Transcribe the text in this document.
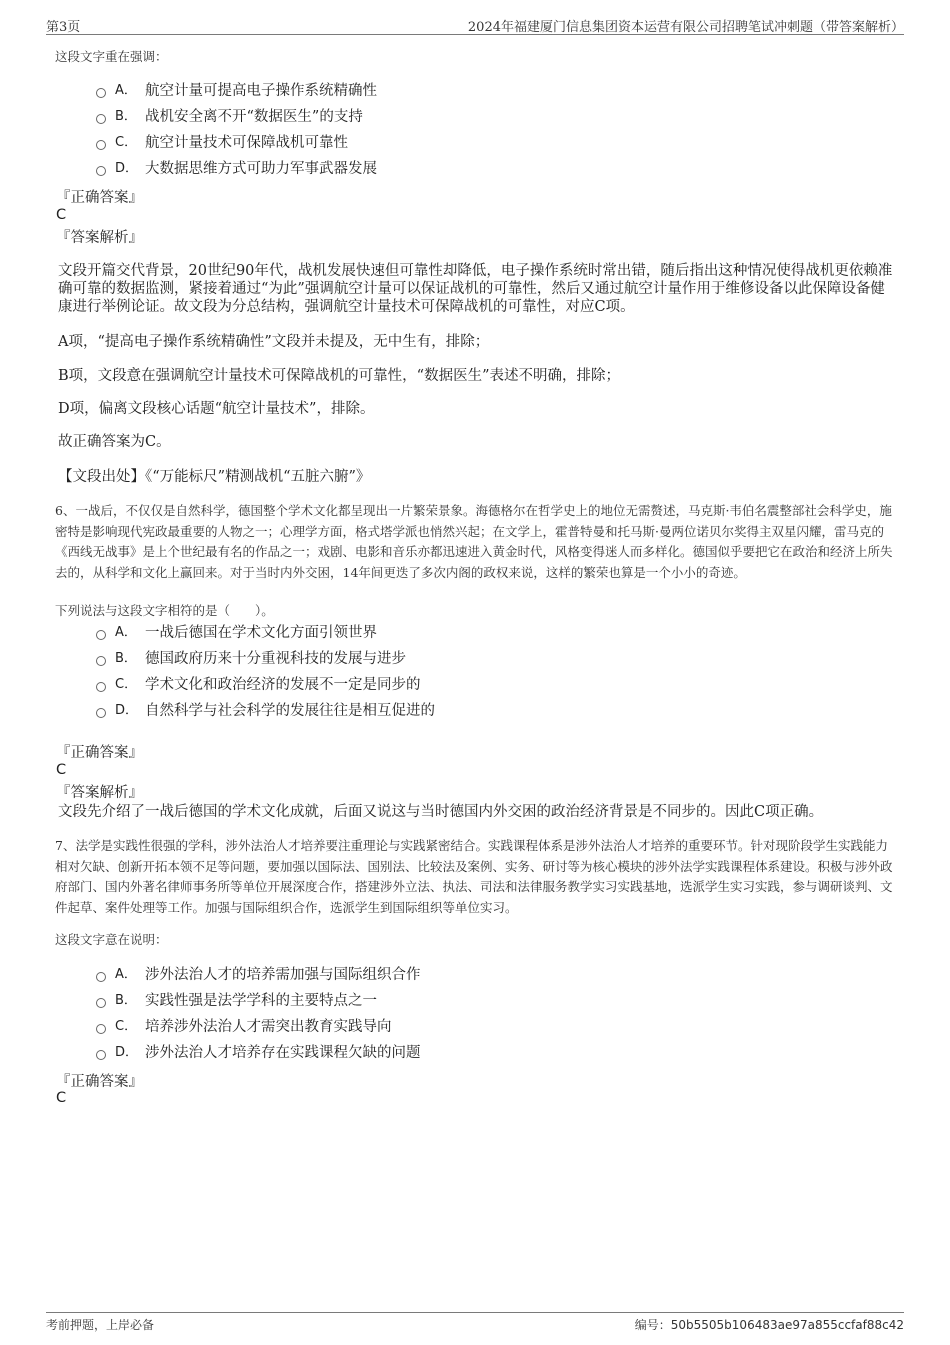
第3页	2024年福建厦门信息集团资本运营有限公司招聘笔试冲刺题（带答案解析）
这段文字重在强调：
A． 航空计量可提高电子操作系统精确性
B． 战机安全离不开“数据医生”的支持
C． 航空计量技术可保障战机可靠性
D． 大数据思维方式可助力军事武器发展
『正确答案』
C
『答案解析』
文段开篇交代背景，20世纪90年代，战机发展快速但可靠性却降低，电子操作系统时常出错，随后指出这种情况使得战机更依赖准确可靠的数据监测，紧接着通过“为此”强调航空计量可以保证战机的可靠性，然后又通过航空计量作用于维修设备以此保障设备健康进行举例论证。故文段为分总结构，强调航空计量技术可保障战机的可靠性，对应C项。
A项，“提高电子操作系统精确性”文段并未提及，无中生有，排除；
B项，文段意在强调航空计量技术可保障战机的可靠性，“数据医生”表述不明确，排除；
D项，偏离文段核心话题“航空计量技术”，排除。
故正确答案为C。
【文段出处】《“万能标尺”精测战机“五脏六腑”》
6、一战后，不仅仅是自然科学，德国整个学术文化都呈现出一片繁荣景象。海德格尔在哲学史上的地位无需赘述，马克斯·韦伯名震整部社会科学史，施密特是影响现代宪政最重要的人物之一；心理学方面，格式塔学派也悄然兴起；在文学上，霍普特曼和托马斯·曼两位诺贝尔奖得主双星闪耀，雷马克的《西线无战事》是上个世纪最有名的作品之一；戏剧、电影和音乐亦都迅速进入黄金时代，风格变得迷人而多样化。德国似乎要把它在政治和经济上所失去的，从科学和文化上赢回来。对于当时内外交困，14年间更迭了多次内阁的政权来说，这样的繁荣也算是一个小小的奇迹。
下列说法与这段文字相符的是（　　）。
A． 一战后德国在学术文化方面引领世界
B． 德国政府历来十分重视科技的发展与进步
C． 学术文化和政治经济的发展不一定是同步的
D． 自然科学与社会科学的发展往往是相互促进的
『正确答案』
C
『答案解析』
文段先介绍了一战后德国的学术文化成就，后面又说这与当时德国内外交困的政治经济背景是不同步的。因此C项正确。
7、法学是实践性很强的学科，涉外法治人才培养要注重理论与实践紧密结合。实践课程体系是涉外法治人才培养的重要环节。针对现阶段学生实践能力相对欠缺、创新开拓本领不足等问题，要加强以国际法、国别法、比较法及案例、实务、研讨等为核心模块的涉外法学实践课程体系建设。积极与涉外政府部门、国内外著名律师事务所等单位开展深度合作，搭建涉外立法、执法、司法和法律服务教学实习实践基地，选派学生实习实践，参与调研谈判、文件起草、案件处理等工作。加强与国际组织合作，选派学生到国际组织等单位实习。
这段文字意在说明：
A． 涉外法治人才的培养需加强与国际组织合作
B． 实践性强是法学学科的主要特点之一
C． 培养涉外法治人才需突出教育实践导向
D． 涉外法治人才培养存在实践课程欠缺的问题
『正确答案』
C
考前押题，上岸必备	编号：50b5505b106483ae97a855ccfaf88c42
